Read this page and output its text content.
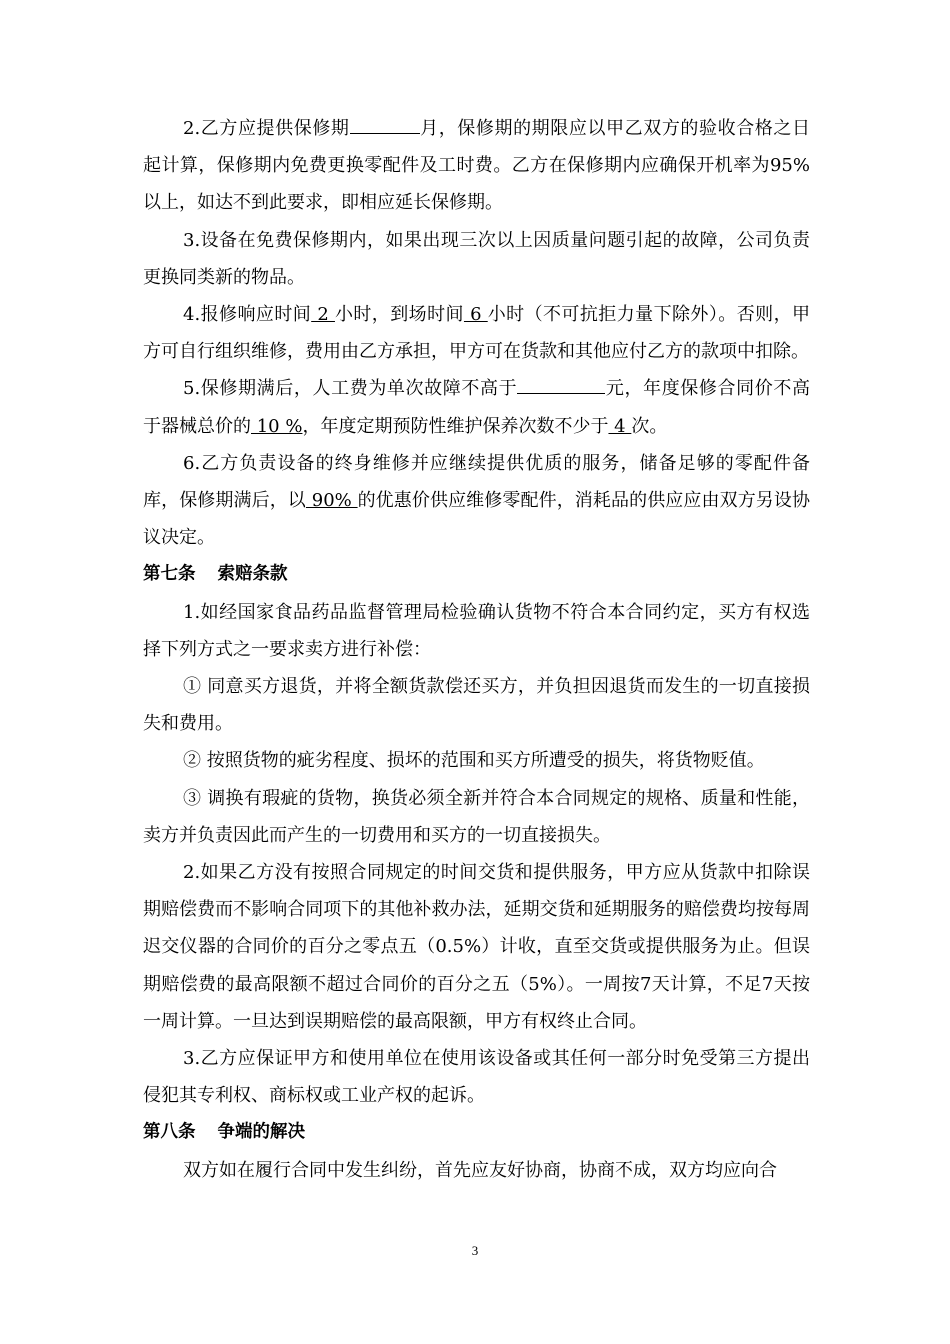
2.乙方应提供保修期	月，保修期的期限应以甲乙双方的验收合格之日起计算，保修期内免费更换零配件及工时费。乙方在保修期内应确保开机率为95%以上，如达不到此要求，即相应延长保修期。

3.设备在免费保修期内，如果出现三次以上因质量问题引起的故障，公司负责更换同类新的物品。

4.报修响应时间 2 小时，到场时间 6 小时（不可抗拒力量下除外）。否则，甲方可自行组织维修，费用由乙方承担，甲方可在货款和其他应付乙方的款项中扣除。

5.保修期满后，人工费为单次故障不高于	元，年度保修合同价不高于器械总价的 10 %，年度定期预防性维护保养次数不少于 4 次。

6.乙方负责设备的终身维修并应继续提供优质的服务，储备足够的零配件备库，保修期满后，以 90% 的优惠价供应维修零配件，消耗品的供应应由双方另设协议决定。

第七条 索赔条款

1.如经国家食品药品监督管理局检验确认货物不符合本合同约定，买方有权选择下列方式之一要求卖方进行补偿：

① 同意买方退货，并将全额货款偿还买方，并负担因退货而发生的一切直接损失和费用。

② 按照货物的疵劣程度、损坏的范围和买方所遭受的损失，将货物贬值。

③ 调换有瑕疵的货物，换货必须全新并符合本合同规定的规格、质量和性能，卖方并负责因此而产生的一切费用和买方的一切直接损失。

2.如果乙方没有按照合同规定的时间交货和提供服务，甲方应从货款中扣除误期赔偿费而不影响合同项下的其他补救办法，延期交货和延期服务的赔偿费均按每周迟交仪器的合同价的百分之零点五（0.5%）计收，直至交货或提供服务为止。但误期赔偿费的最高限额不超过合同价的百分之五（5%）。一周按7天计算，不足7天按一周计算。一旦达到误期赔偿的最高限额，甲方有权终止合同。

3.乙方应保证甲方和使用单位在使用该设备或其任何一部分时免受第三方提出侵犯其专利权、商标权或工业产权的起诉。

第八条 争端的解决

双方如在履行合同中发生纠纷，首先应友好协商，协商不成，双方均应向合

3
